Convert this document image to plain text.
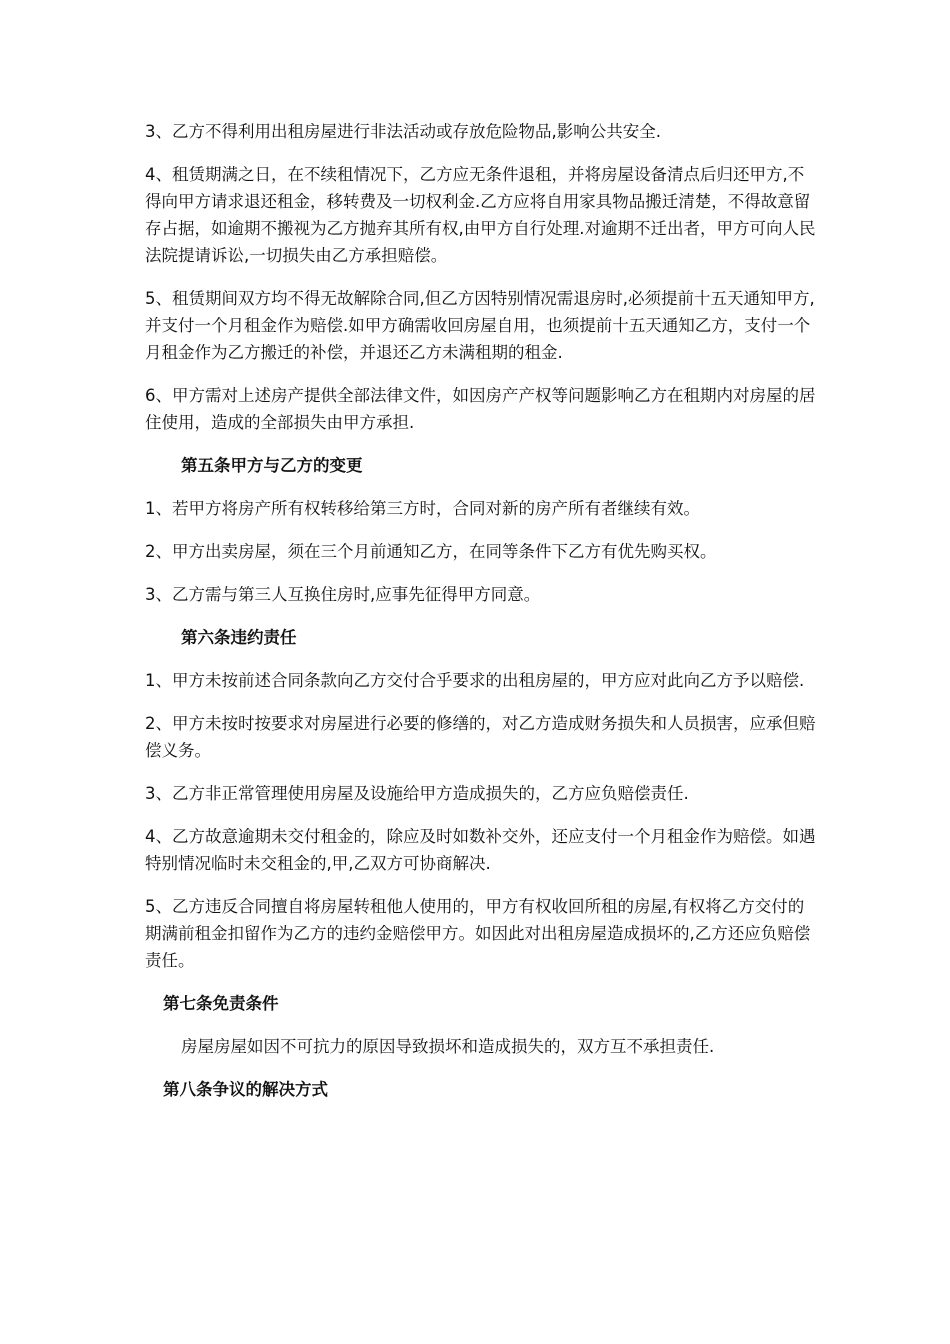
3、乙方不得利用出租房屋进行非法活动或存放危险物品,影响公共安全.

4、租赁期满之日，在不续租情况下，乙方应无条件退租，并将房屋设备清点后归还甲方,不得向甲方请求退还租金，移转费及一切权利金.乙方应将自用家具物品搬迁清楚，不得故意留存占据，如逾期不搬视为乙方抛弃其所有权,由甲方自行处理.对逾期不迁出者，甲方可向人民法院提请诉讼,一切损失由乙方承担赔偿。

5、租赁期间双方均不得无故解除合同,但乙方因特别情况需退房时,必须提前十五天通知甲方,并支付一个月租金作为赔偿.如甲方确需收回房屋自用，也须提前十五天通知乙方，支付一个月租金作为乙方搬迁的补偿，并退还乙方未满租期的租金.

6、甲方需对上述房产提供全部法律文件，如因房产产权等问题影响乙方在租期内对房屋的居住使用，造成的全部损失由甲方承担.

第五条甲方与乙方的变更

1、若甲方将房产所有权转移给第三方时，合同对新的房产所有者继续有效。

2、甲方出卖房屋，须在三个月前通知乙方，在同等条件下乙方有优先购买权。

3、乙方需与第三人互换住房时,应事先征得甲方同意。

第六条违约责任

1、甲方未按前述合同条款向乙方交付合乎要求的出租房屋的，甲方应对此向乙方予以赔偿.

2、甲方未按时按要求对房屋进行必要的修缮的，对乙方造成财务损失和人员损害，应承但赔偿义务。

3、乙方非正常管理使用房屋及设施给甲方造成损失的，乙方应负赔偿责任.

4、乙方故意逾期未交付租金的，除应及时如数补交外，还应支付一个月租金作为赔偿。如遇特别情况临时未交租金的,甲,乙双方可协商解决.

5、乙方违反合同擅自将房屋转租他人使用的，甲方有权收回所租的房屋,有权将乙方交付的期满前租金扣留作为乙方的违约金赔偿甲方。如因此对出租房屋造成损坏的,乙方还应负赔偿责任。

第七条免责条件

房屋房屋如因不可抗力的原因导致损坏和造成损失的，双方互不承担责任.

第八条争议的解决方式
